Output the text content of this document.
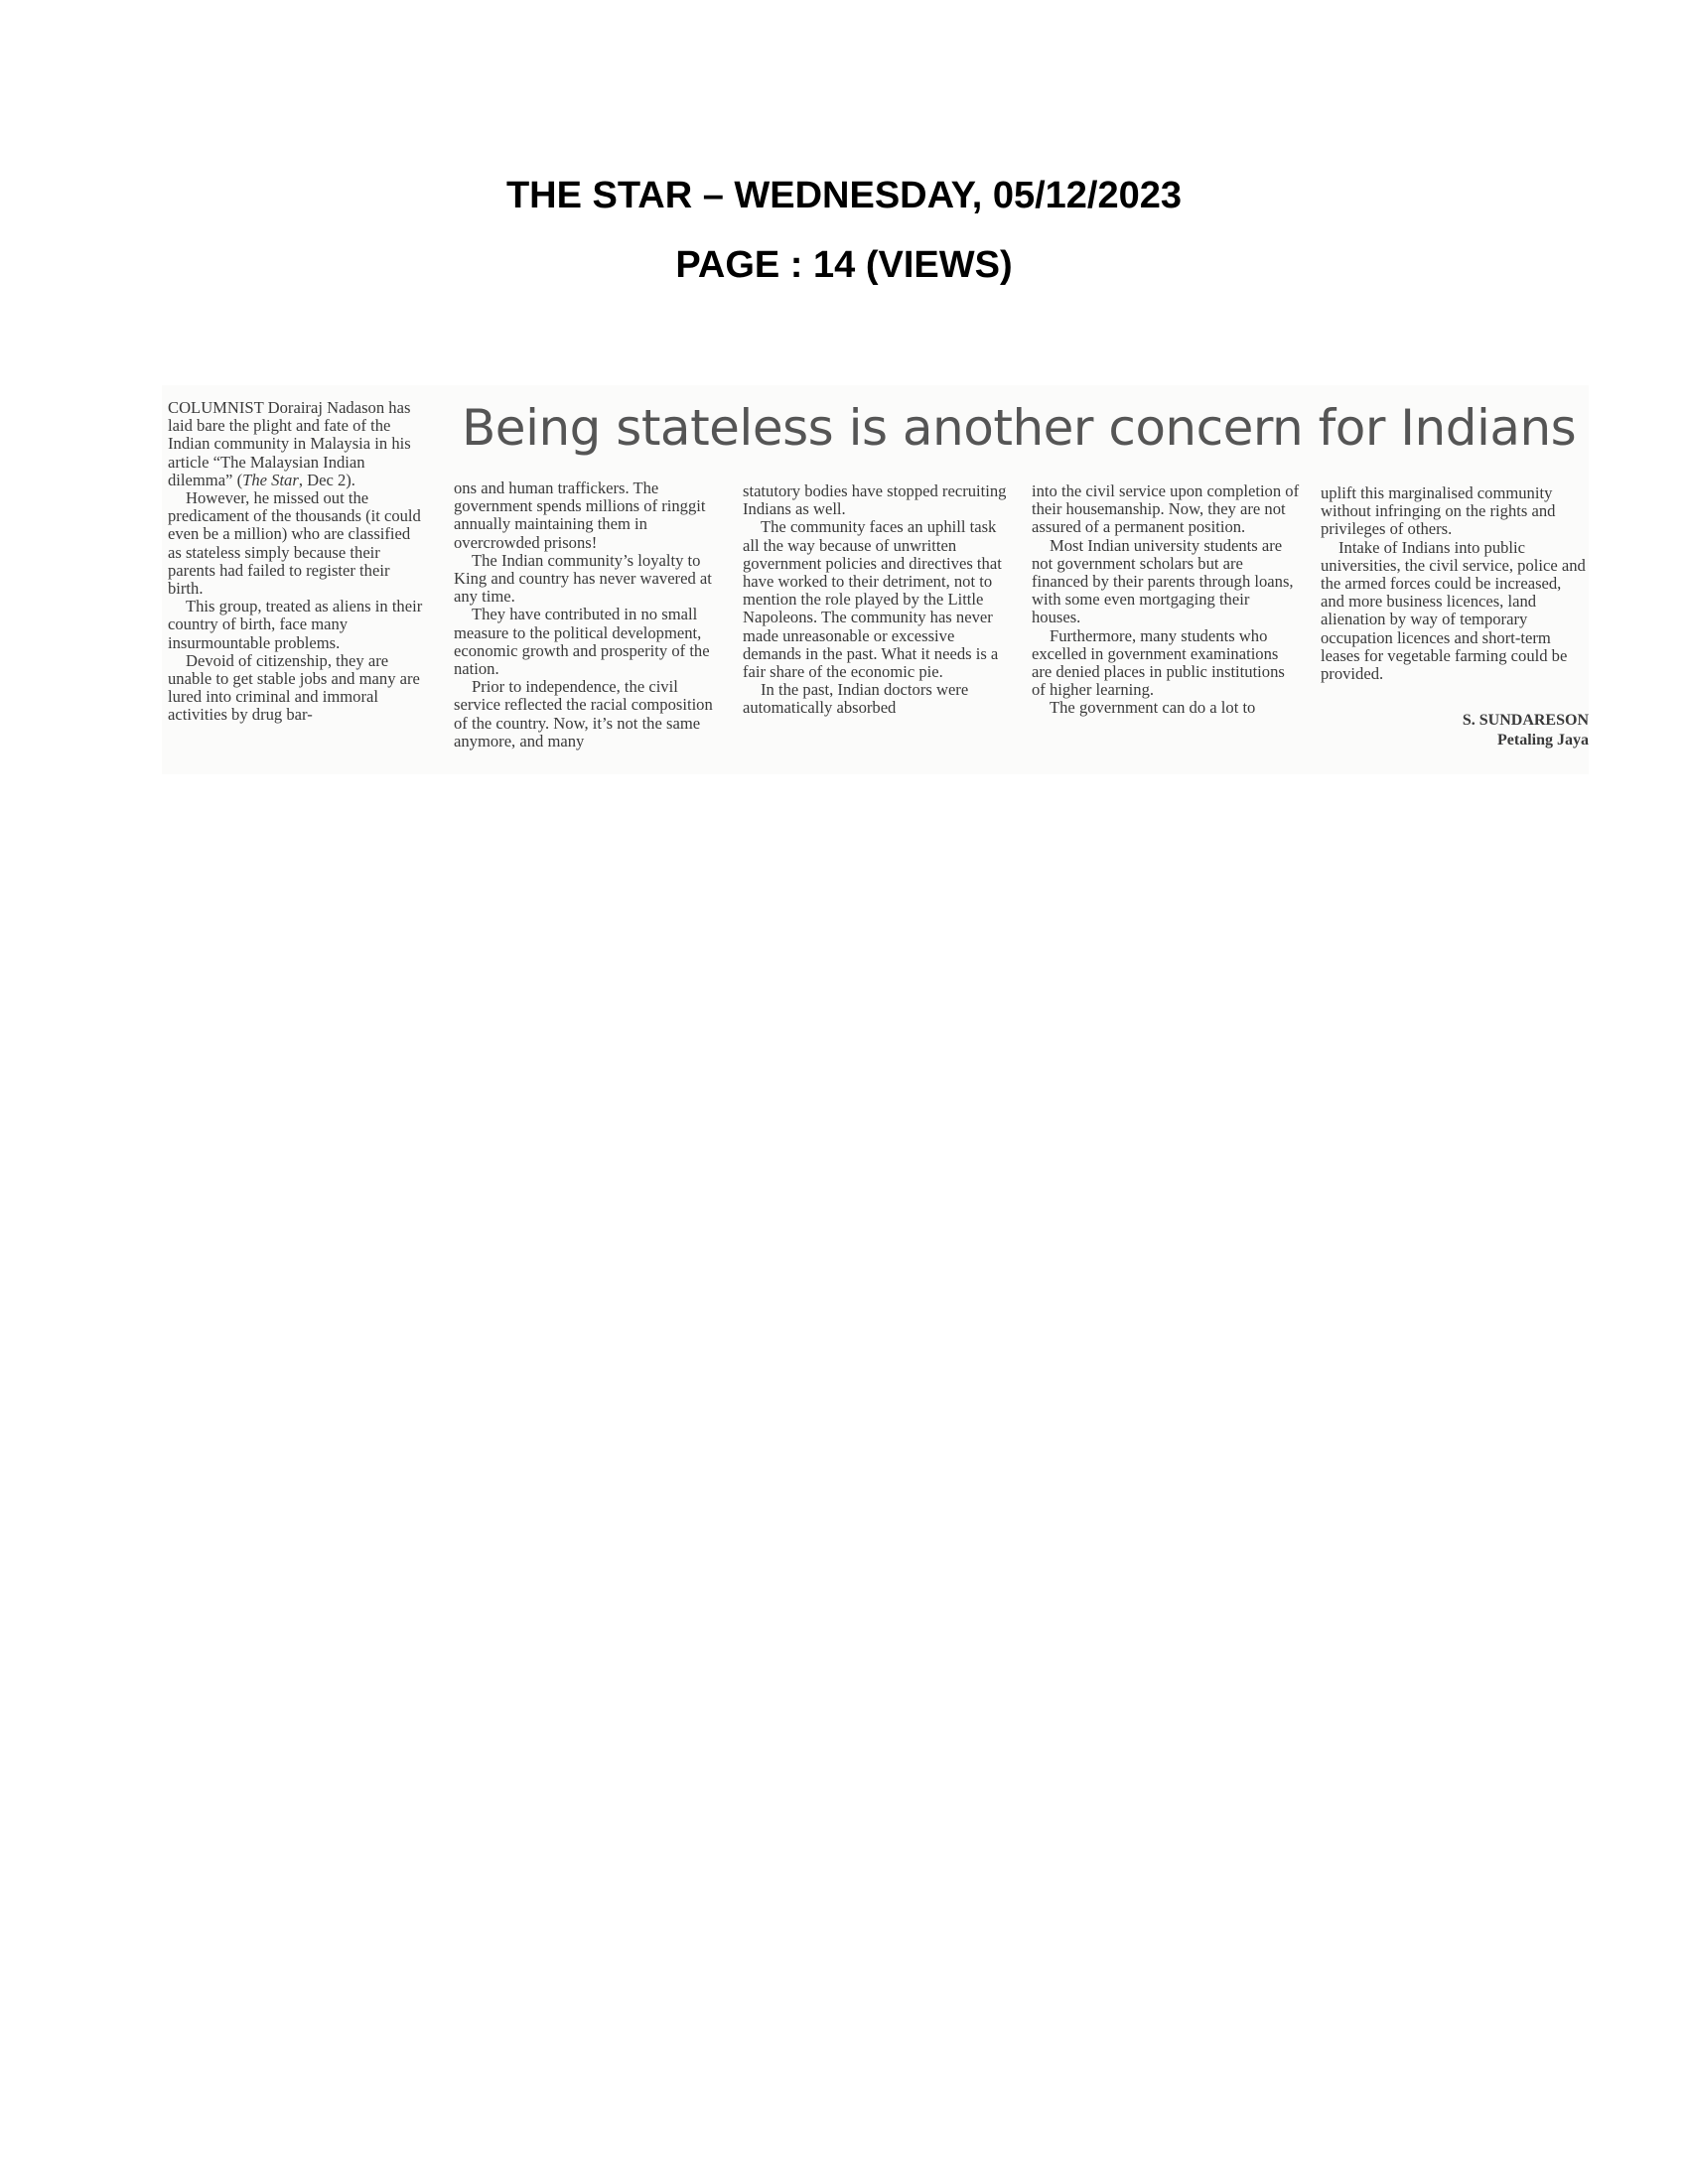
THE STAR – WEDNESDAY, 05/12/2023
PAGE : 14 (VIEWS)

COLUMNIST Dorairaj Nadason has laid bare the plight and fate of the Indian community in Malaysia in his article “The Malaysian Indian dilemma” (The Star, Dec 2).

However, he missed out the predicament of the thousands (it could even be a million) who are classified as stateless simply because their parents had failed to register their birth.

This group, treated as aliens in their country of birth, face many insurmountable problems.

Devoid of citizenship, they are unable to get stable jobs and many are lured into criminal and immoral activities by drug bar-

Being stateless is another concern for Indians

ons and human traffickers. The government spends millions of ringgit annually maintaining them in overcrowded prisons!

The Indian community’s loyalty to King and country has never wavered at any time.

They have contributed in no small measure to the political development, economic growth and prosperity of the nation.

Prior to independence, the civil service reflected the racial composition of the country. Now, it’s not the same anymore, and many

statutory bodies have stopped recruiting Indians as well.

The community faces an uphill task all the way because of unwritten government policies and directives that have worked to their detriment, not to mention the role played by the Little Napoleons. The community has never made unreasonable or excessive demands in the past. What it needs is a fair share of the economic pie.

In the past, Indian doctors were automatically absorbed

into the civil service upon completion of their housemanship. Now, they are not assured of a permanent position.

Most Indian university students are not government scholars but are financed by their parents through loans, with some even mortgaging their houses.

Furthermore, many students who excelled in government examinations are denied places in public institutions of higher learning.

The government can do a lot to

uplift this marginalised community without infringing on the rights and privileges of others.

Intake of Indians into public universities, the civil service, police and the armed forces could be increased, and more business licences, land alienation by way of temporary occupation licences and short-term leases for vegetable farming could be provided.

S. SUNDARESON
Petaling Jaya
